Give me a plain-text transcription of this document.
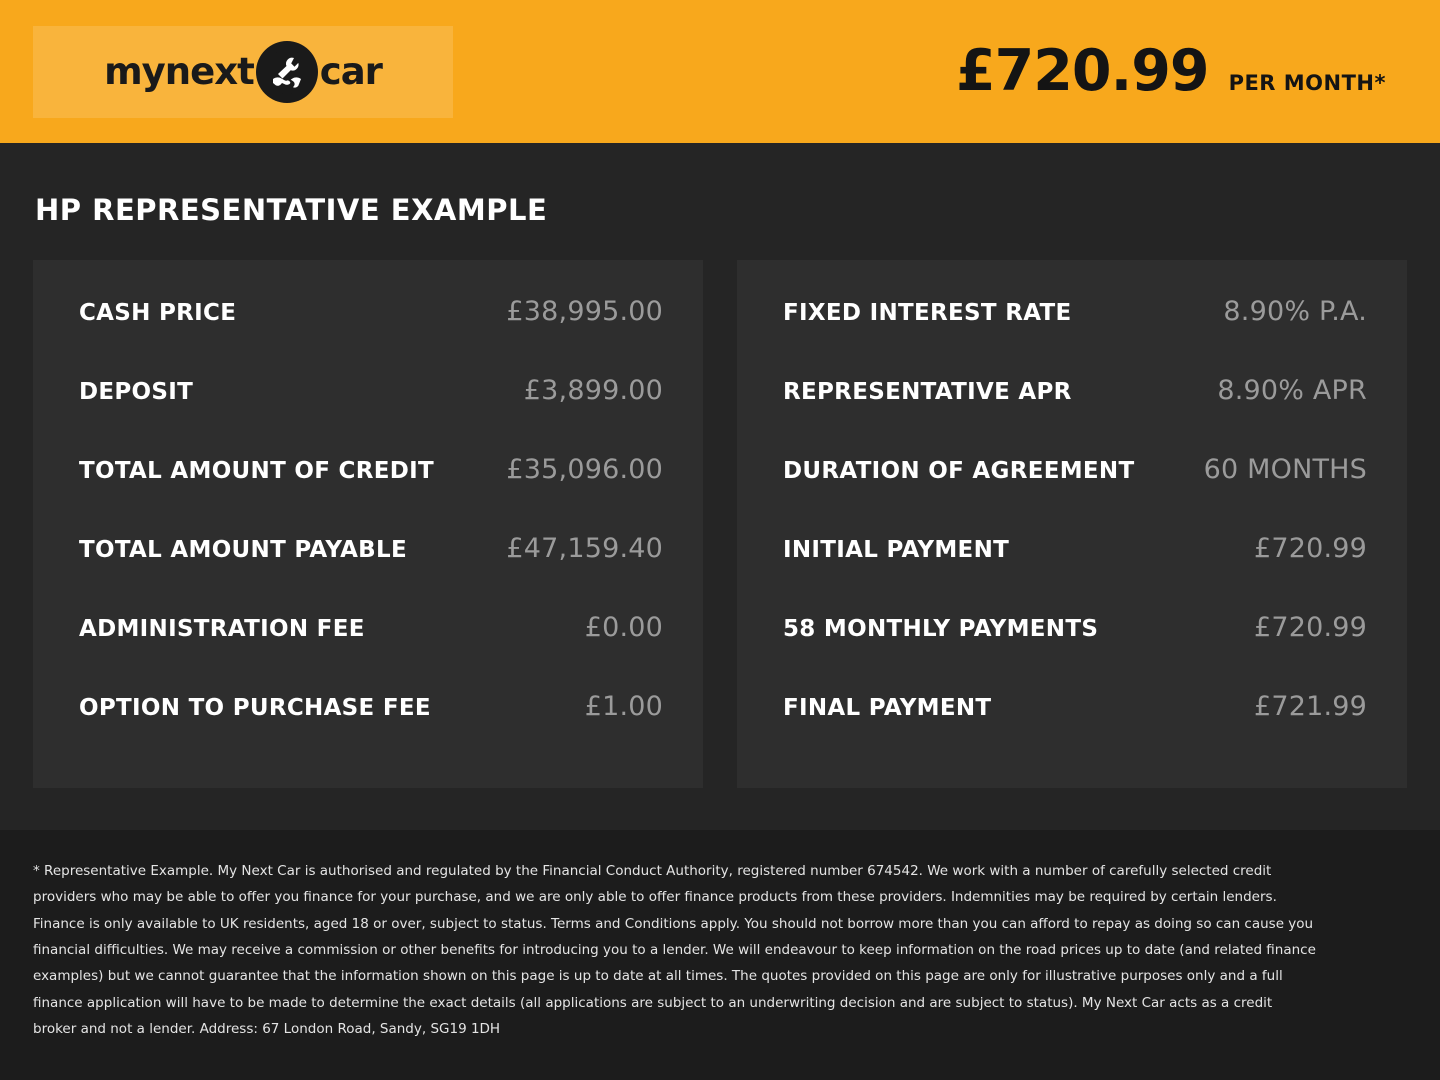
my next car	£720.99 PER MONTH*
HP REPRESENTATIVE EXAMPLE
CASH PRICE	£38,995.00
DEPOSIT	£3,899.00
TOTAL AMOUNT OF CREDIT	£35,096.00
TOTAL AMOUNT PAYABLE	£47,159.40
ADMINISTRATION FEE	£0.00
OPTION TO PURCHASE FEE	£1.00
FIXED INTEREST RATE	8.90% P.A.
REPRESENTATIVE APR	8.90% APR
DURATION OF AGREEMENT	60 MONTHS
INITIAL PAYMENT	£720.99
58 MONTHLY PAYMENTS	£720.99
FINAL PAYMENT	£721.99

* Representative Example. My Next Car is authorised and regulated by the Financial Conduct Authority, registered number 674542. We work with a number of carefully selected credit providers who may be able to offer you finance for your purchase, and we are only able to offer finance products from these providers. Indemnities may be required by certain lenders. Finance is only available to UK residents, aged 18 or over, subject to status. Terms and Conditions apply. You should not borrow more than you can afford to repay as doing so can cause you financial difficulties. We may receive a commission or other benefits for introducing you to a lender. We will endeavour to keep information on the road prices up to date (and related finance examples) but we cannot guarantee that the information shown on this page is up to date at all times. The quotes provided on this page are only for illustrative purposes only and a full finance application will have to be made to determine the exact details (all applications are subject to an underwriting decision and are subject to status). My Next Car acts as a credit broker and not a lender. Address: 67 London Road, Sandy, SG19 1DH
